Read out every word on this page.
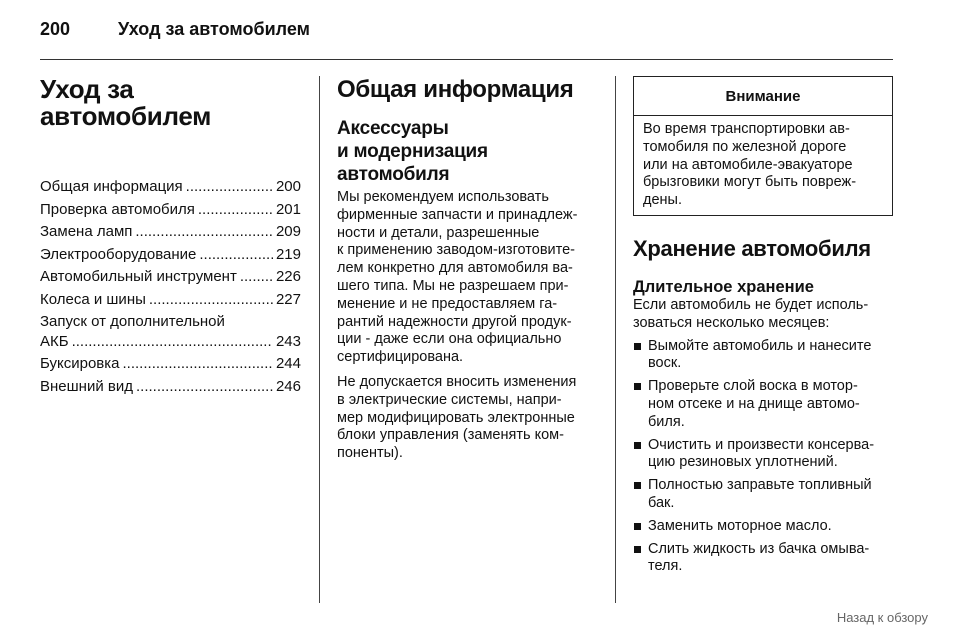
200	Уход за автомобилем
Уход за
автомобилем
Общая информация .....	200
Проверка автомобиля .....	201
Замена ламп .....	209
Электрооборудование .....	219
Автомобильный инструмент .....	226
Колеса и шины .....	227
Запуск от дополнительной
АКБ .....	243
Буксировка .....	244
Внешний вид .....	246
Общая информация
Аксессуары
и модернизация
автомобиля
Мы рекомендуем использовать
фирменные запчасти и принадлеж-
ности и детали, разрешенные
к применению заводом-изготовите-
лем конкретно для автомобиля ва-
шего типа. Мы не разрешаем при-
менение и не предоставляем га-
рантий надежности другой продук-
ции - даже если она официально
сертифицирована.
Не допускается вносить изменения
в электрические системы, напри-
мер модифицировать электронные
блоки управления (заменять ком-
поненты).
Внимание
Во время транспортировки ав-
томобиля по железной дороге
или на автомобиле-эвакуаторе
брызговики могут быть повреж-
дены.
Хранение автомобиля
Длительное хранение
Если автомобиль не будет исполь-
зоваться несколько месяцев:
Вымойте автомобиль и нанесите
воск.
Проверьте слой воска в мотор-
ном отсеке и на днище автомо-
биля.
Очистить и произвести консерва-
цию резиновых уплотнений.
Полностью заправьте топливный
бак.
Заменить моторное масло.
Слить жидкость из бачка омыва-
теля.
Назад к обзору
